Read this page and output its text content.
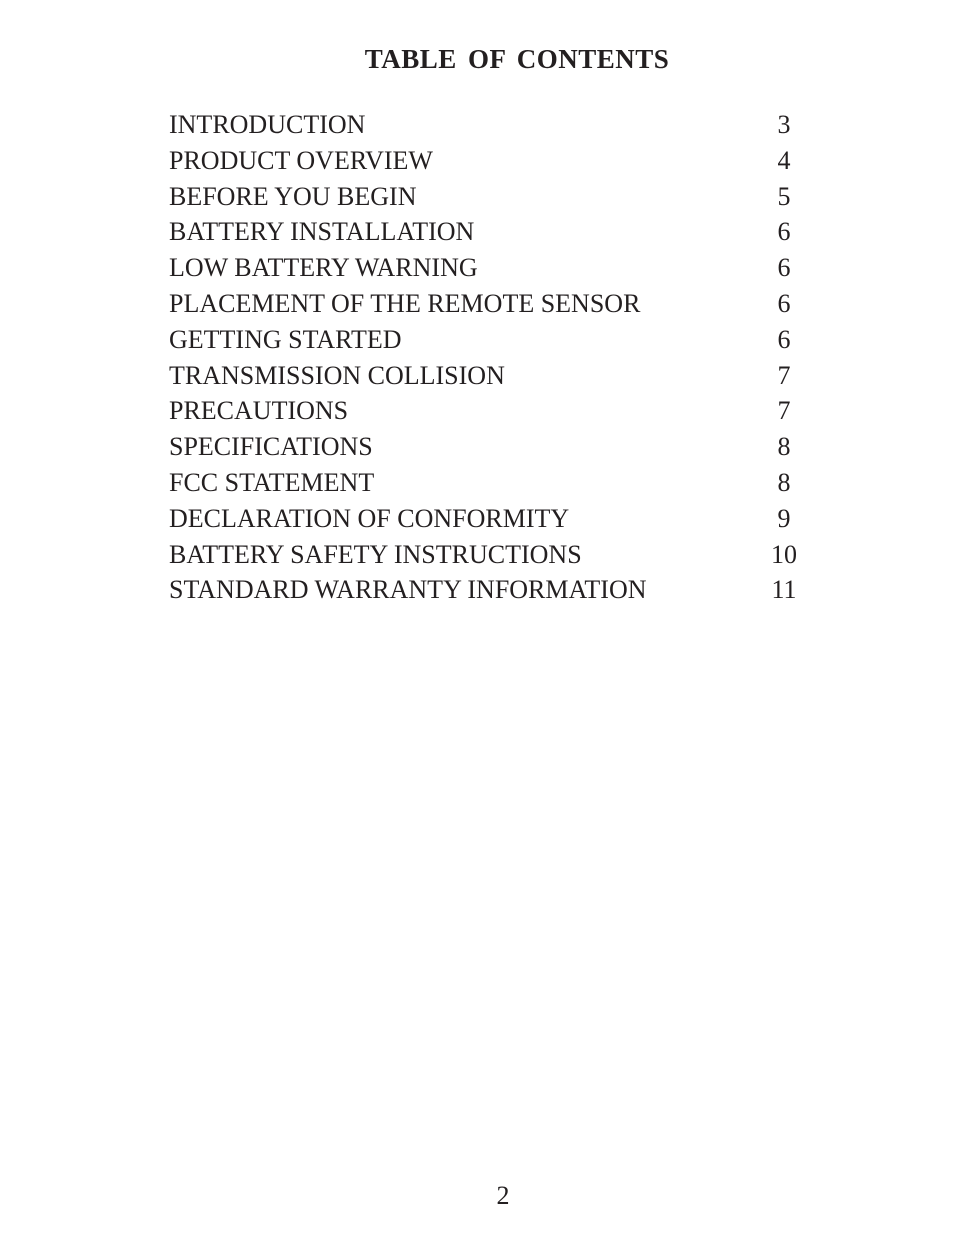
TABLE OF CONTENTS
INTRODUCTION	3
PRODUCT OVERVIEW	4
BEFORE YOU BEGIN	5
BATTERY INSTALLATION	6
LOW BATTERY WARNING	6
PLACEMENT OF THE REMOTE SENSOR	6
GETTING STARTED	6
TRANSMISSION COLLISION	7
PRECAUTIONS	7
SPECIFICATIONS	8
FCC STATEMENT	8
DECLARATION OF CONFORMITY	9
BATTERY SAFETY INSTRUCTIONS	10
STANDARD WARRANTY INFORMATION	11
2
